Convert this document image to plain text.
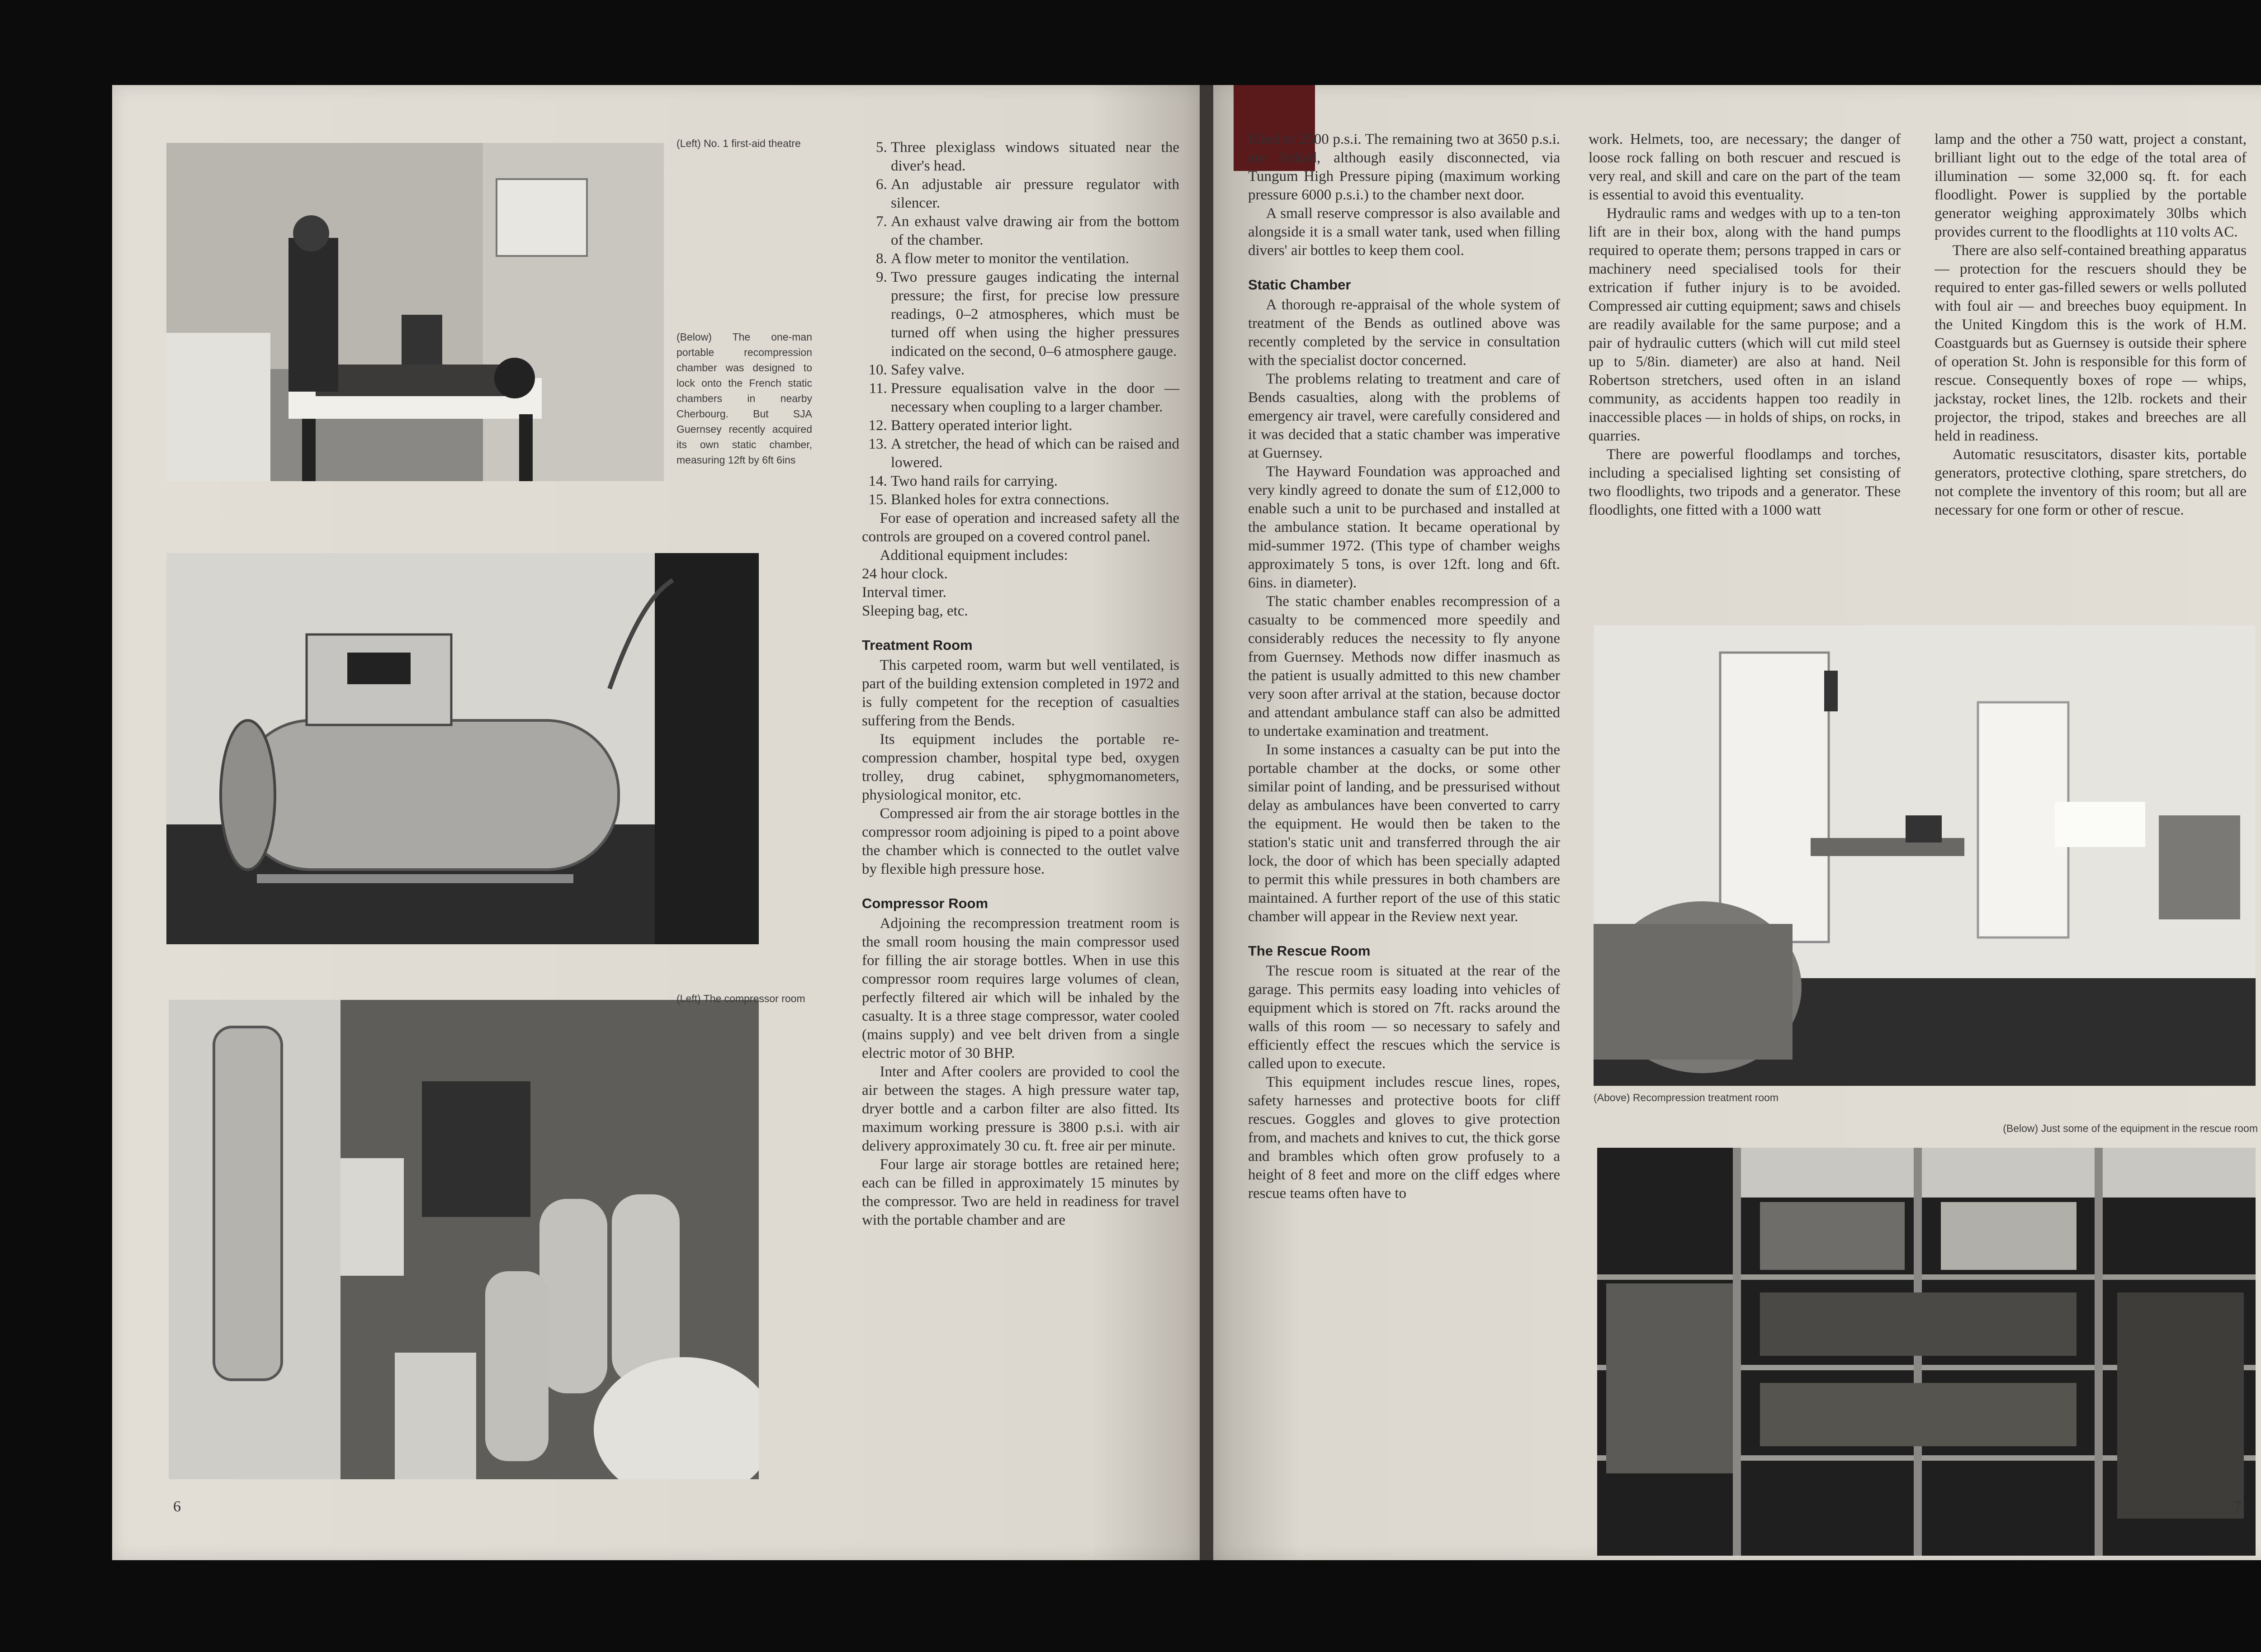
(Left) No. 1 first-aid theatre
(Below) The one-man portable recompression chamber was designed to lock onto the French static chambers in nearby Cherbourg. But SJA Guernsey recently acquired its own static chamber, measuring 12ft by 6ft 6ins
(Left) The compressor room
5. Three plexiglass windows situated near the diver's head.
6. An adjustable air pressure regulator with silencer.
7. An exhaust valve drawing air from the bottom of the chamber.
8. A flow meter to monitor the ventilation.
9. Two pressure gauges indicating the internal pressure; the first, for precise low pressure readings, 0–2 atmospheres, which must be turned off when using the higher pressures indicated on the second, 0–6 atmosphere gauge.
10. Safey valve.
11. Pressure equalisation valve in the door — necessary when coupling to a larger chamber.
12. Battery operated interior light.
13. A stretcher, the head of which can be raised and lowered.
14. Two hand rails for carrying.
15. Blanked holes for extra connections.

For ease of operation and increased safety all the controls are grouped on a covered control panel.

Additional equipment includes:

24 hour clock.

Interval timer.

Sleeping bag, etc.

Treatment Room

This carpeted room, warm but well ventilated, is part of the building extension completed in 1972 and is fully competent for the reception of casualties suffering from the Bends.

Its equipment includes the portable re-compression chamber, hospital type bed, oxygen trolley, drug cabinet, sphygmomanometers, physiological monitor, etc.

Compressed air from the air storage bottles in the compressor room adjoining is piped to a point above the chamber which is connected to the outlet valve by flexible high pressure hose.

Compressor Room

Adjoining the recompression treatment room is the small room housing the main compressor used for filling the air storage bottles. When in use this compressor room requires large volumes of clean, perfectly filtered air which will be inhaled by the casualty. It is a three stage compressor, water cooled (mains supply) and vee belt driven from a single electric motor of 30 BHP.

Inter and After coolers are provided to cool the air between the stages. A high pressure water tap, dryer bottle and a carbon filter are also fitted. Its maximum working pressure is 3800 p.s.i. with air delivery approximately 30 cu. ft. free air per minute.

Four large air storage bottles are retained here; each can be filled in approximately 15 minutes by the compressor. Two are held in readiness for travel with the portable chamber and are

6

filled to 2500 p.s.i. The remaining two at 3650 p.s.i. are linked, although easily disconnected, via Tungum High Pressure piping (maximum working pressure 6000 p.s.i.) to the chamber next door.

A small reserve compressor is also available and alongside it is a small water tank, used when filling divers' air bottles to keep them cool.

Static Chamber

A thorough re-appraisal of the whole system of treatment of the Bends as outlined above was recently completed by the service in consultation with the specialist doctor concerned.

The problems relating to treatment and care of Bends casualties, along with the problems of emergency air travel, were carefully considered and it was decided that a static chamber was imperative at Guernsey.

The Hayward Foundation was approached and very kindly agreed to donate the sum of £12,000 to enable such a unit to be purchased and installed at the ambulance station. It became operational by mid-summer 1972. (This type of chamber weighs approximately 5 tons, is over 12ft. long and 6ft. 6ins. in diameter).

The static chamber enables recompression of a casualty to be commenced more speedily and considerably reduces the necessity to fly anyone from Guernsey. Methods now differ inasmuch as the patient is usually admitted to this new chamber very soon after arrival at the station, because doctor and attendant ambulance staff can also be admitted to undertake examination and treatment.

In some instances a casualty can be put into the portable chamber at the docks, or some other similar point of landing, and be pressurised without delay as ambulances have been converted to carry the equipment. He would then be taken to the station's static unit and transferred through the air lock, the door of which has been specially adapted to permit this while pressures in both chambers are maintained. A further report of the use of this static chamber will appear in the Review next year.

The Rescue Room

The rescue room is situated at the rear of the garage. This permits easy loading into vehicles of equipment which is stored on 7ft. racks around the walls of this room — so necessary to safely and efficiently effect the rescues which the service is called upon to execute.

This equipment includes rescue lines, ropes, safety harnesses and protective boots for cliff rescues. Goggles and gloves to give protection from, and machets and knives to cut, the thick gorse and brambles which often grow profusely to a height of 8 feet and more on the cliff edges where rescue teams often have to

work. Helmets, too, are necessary; the danger of loose rock falling on both rescuer and rescued is very real, and skill and care on the part of the team is essential to avoid this eventuality.

Hydraulic rams and wedges with up to a ten-ton lift are in their box, along with the hand pumps required to operate them; persons trapped in cars or machinery need specialised tools for their extrication if futher injury is to be avoided. Compressed air cutting equipment; saws and chisels are readily available for the same purpose; and a pair of hydraulic cutters (which will cut mild steel up to 5/8in. diameter) are also at hand. Neil Robertson stretchers, used often in an island community, as accidents happen too readily in inaccessible places — in holds of ships, on rocks, in quarries.

There are powerful floodlamps and torches, including a specialised lighting set consisting of two floodlights, two tripods and a generator. These floodlights, one fitted with a 1000 watt

lamp and the other a 750 watt, project a constant, brilliant light out to the edge of the total area of illumination — some 32,000 sq. ft. for each floodlight. Power is supplied by the portable generator weighing approximately 30lbs which provides current to the floodlights at 110 volts AC.

There are also self-contained breathing apparatus — protection for the rescuers should they be required to enter gas-filled sewers or wells polluted with foul air — and breeches buoy equipment. In the United Kingdom this is the work of H.M. Coastguards but as Guernsey is outside their sphere of operation St. John is responsible for this form of rescue. Consequently boxes of rope — whips, jackstay, rocket lines, the 12lb. rockets and their projector, the tripod, stakes and breeches are all held in readiness.

Automatic resuscitators, disaster kits, portable generators, protective clothing, spare stretchers, do not complete the inventory of this room; but all are necessary for one form or other of rescue.

(Above) Recompression treatment room
(Below) Just some of the equipment in the rescue room
7
